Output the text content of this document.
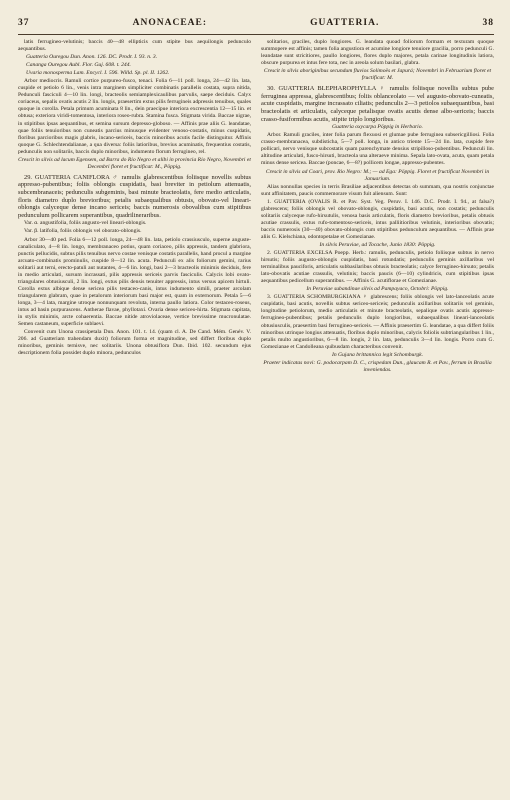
37	ANONACEAE:	GUATTERIA.	38

latis ferrugineo-velutinis; baccis 40—48 ellipticis cum stipite bus aequilongis pedunculo aequantibus.

Guatteria Ouregou Dun. Anon. 126. DC. Prodr. I. 93. n. 3.

Cananga Ouregou Aubl. Flor. Guj. 608. t. 244.

Uvaria monosperma Lam. Encycl. I. 596. Willd. Sp. pl. II. 1262.

Arbor mediocris. Ramuli cortice purpureo-fusco, tenaci. Folia 6—11 poll. longa, 24—42 lin. lata, cuspide et petiolo 6 lin., venis intra marginem simpliciter combinatis parallelis costata, supra nitida, Pedunculi fasciculi 4—10 lin. longi, bracteolis semiamplexicaulibus parvulis, saepe deciduis. Calyx coriaceus, sepalis ovatis acutis 2 lin. longis, praesertim extus pilis ferrugineis adpressis tenuibus, quales quoque in corolla. Petala primum acuminata 8 lin., dein praecipue interiora excrescentia 12—15 lin. et obtusa; exteriora viridi-tomentosa, interiora roseo-rubra. Stamina fusca. Stigmata virida. Baccae nigrae, in stipitibus ipsas aequantibus, et semina sursum depresso-globoso. — Affinis prae aliis G. leandatae, quae foliis tenuioribus non cuneatis parcius minusque evidenter venoso-costatis, minus cuspidatis, floribus parcioribus magis glabris, incano-sericeis, baccis minoribus acutis facile distinguitur. Affinis quoque G. Schlechtendalianae, a qua diversa: foliis latioribus, brevius acuminatis, frequentius costatis, pedunculis non solitariis, baccis duplo minoribus, indumento florum ferrugineo, rel.

Crescit in silvis ad lacum Egensem, ad Barra do Rio Negro et alibi in provincia Rio Negro, Novembri et Decembri floret et fructificat: M., Pöppig.

29. GUATTERIA CANIFLORA ♂ ramulis glabrescentibus foliisque novellis subtus appresso-pubentibus; foliis oblongis cuspidatis, basi breviter in petiolum attenuatis, subcembranaceis; pedunculis subgeminis, basi minute bracteolatis, fere medio articulatis, floris diametro duplo brevioribus; petalis subaequalibus obtusis, obovato-vel lineari-oblongis calyceque dense incano sericeis; baccis numerosis obovalibus cum stipitibus pedunculum pollicarem superantibus, quadrilineraribus.

Var. α. angustifolia, foliis angusto-vel lineari-oblongis.

Var. β. latifolia, foliis oblongis vel oborato-oblongis.

Arbor 30—40 ped. Folia 6—12 poll. longa, 24—48 lin. lata, petiolo crassiusculo, superne anguste-canaliculato, 4—8 lin. longo, membranaceo potius, quam coriaceo, pilis appressis, tandem glabriora, punctis pellucidis, subtus pilis tenuibus nervo costae venisque costatis parallelis, hand procul a margine arcuato-combinatis prominulis, cuspide 8—12 lin. acuta. Pedunculi ex alis foliorum gemini, rarius solitarii aut terni, erecto-patuli aut nutantes, 4—6 lin. longi, basi 2—3 bracteolis minimis deciduis, fere in medio articulati, sursum incrassati, pilis appressis sericeis parvis fasciculis. Calycis lobi ovato-triangulares obtusiusculi, 2 lin. longi, extus pilis densis tenuiter appressis, intus versus apicem hirtuli. Corolla extus albique dense sericea pilis testaceo-canis, intus indumento simili, praeter arcolam triangularem glabram, quae in petalorum interiorum basi major est, quam in externorum. Petala 5—6 longa, 3—4 lata, margine utroque nonnunquam revoluta, interna paullo latiora. Color testaceo-roseus, intus ad basin purpurascens. Antherae flavae, phyllotaxi. Ovaria dense sericeo-hirta. Stigmata capitata, in stylis minimis, arcte cohaerentia. Baccae nitide atroviolaceae, vertice brevissime mucronulatae. Semen castaneum, superficie sublaevi.

Convenit cum Unona crassipetala Dun. Anon. 101. t. 14. (quam cl. A. De Cand. Mém. Genév. V. 206. ad Guatteriam trahendam duxit) foliorum forma et magnitudine, sed differt floribus duplo minoribus, geminis ternisve, nec solitariis. Unona obtusiflora Dun. Ibid. 102. secundum ejus descriptionem folia possidet duplo minora, pedunculos

solitarios, graciles, duplo longiores. G. leandata quoad foliorum formam et texturam quoque summopere est affinis; tamen folia angustiora et acumine longiore tenuiore gracilia, porro pedunculi G. leandatae sunt stricitiores, paullo longiores, flores duplo majores, petala carinae longitudinis latiora, obscure purpurea et intus fere tota, nec in areola solum basilari, glabra.

Crescit in silvis aboriginibus secundum fluvios Solimoës et Japurá; Novembri in Februarium floret et fructificat: M.

30. GUATTERIA BLEPHAROPHYLLA ♀ ramulis foliisque novellis subtus pube ferruginea appressa, glabrescentibus; foliis oblanceolato — vel augusto-obovato-cuneatis, acute cuspidatis, margine incrassato ciliatis; pedunculis 2—3 petiolos subaequantibus, basi bracteolatis et articulatis, calyceque petalisque ovatis acutis dense albo-sericeis; baccis crasso-fusiformibus acutis, stipite triplo longioribus.

Guatteria oxycarpa Pöppig in Herbario.

Arbor. Ramuli graciles, inter folia parum flexuosi et glumae pube ferruginea subsericgilliosi. Folia crasso-membranacea, subdisticha, 5—7 poll. longa, in antico triente 15—24 lin. lata, cuspide fere pollicari, nervo venisque subcostatis quam parenchymate densius stripilloso-pubentibus. Pedunculi lin. altitudine articulati, fusco-hirsuti, bracteola una alteraeve minima. Sepala lato-ovata, acuta, quam petala minus dense sericea. Baccae (poncae, 6—8?) pollicem longae, appresso-pubentes.

Crescit in silvis ad Coari, prov. Rio Negro: M.; — ad Ega: Pöppig. Floret et fructificat Novembri in Januarium.

Alias nonnullas species in terris Brasiliae adjacentibus detectas ob summam, qua nostris conjunctae sunt affinitatem, paucis commemorare visum fuit aliensum. Sunt:

1. GUATTERIA (OVALIS R. et Pav. Syst. Veg. Peruv. I. 146. D.C. Prodr. I. 94., at falsa?) glabrescens; foliis oblongis vel obovato-oblongis, cuspidatis, basi acutis, non costatis; pedunculis solitariis calyceque rufo-hirsutulis, venosa basis articulatis, floris diametro brevioribus, petalis obtusis acutiae crassulis, extus rufo-tomentoso-sericeis, intus palliitioribus velutinis, interioribus obovatis; baccis numerosis (30—40) obovato-oblongis cum stipitibus pedunculum aequantibus. — Affinis prae aliis G. Kielschiana, odontopetalae et Gomezianae.

In silvis Peruviae, ad Tocache, Junio 1830: Pöppig.

2. GUATTERIA EXCELSA Poepp. Herb.: ramulis, pedunculis, petiolo foliisque subtus in nervo hirsutis; foliis augusto-oblongis cuspidatis, basi rotundatis; pedunculis geminis axillaribus vel terminalibus pauciforis, articulatis subbasilaribus obtusis bracteolatis; calyce ferrugineo-hirsuto; petalis lato-obovatis acutiae crassulis, velutinis; baccis paucis (6—10) cylindricis, cum stipitibus ipsas aequantibus pedicellum superantibus. — Affinis G. acutiflorae et Gomezianae.

In Peruviae subandinae silvis ad Pampayaco, Octobri: Pöppig.

3. GUATTERIA SCHOMBURGKIANA ♀ glabrescens; foliis oblongis vel lato-lanceolatis acute cuspidatis, basi acutis, novellis subtus sericeo-sericeis; pedunculis axillaribus solitariis vel geminis, longitudine petiolorum, medio articulatis et minute bracteolatis, sepalique ovatis acutis appresso-ferrugineo-pubentibus; petalis pedunculis duplo longioribus, subaequalibus lineari-lanceolatis obtusiusculis, praesertim basi ferrugineo-sericeis. — Affinis praesertim G. leandatae, a qua differt foliis minoribus utrinque longius attenuatis, floribus duplo minoribus, calycis foliolis subtriangularibus 1 lin., petalis multo angustioribus, 6—8 lin. longis, 2 lin. lata, pedunculis 3—4 lin. longis. Porro cum G. Gomezianae et Candolleana quibusdam characteribus convenit.

In Gujana brittannica legit Schomburgk.

Praeter indicatas novi: G. podocarpam D. C., crispedam Dun., glaucam R. et Pav., ferrum in Brasilia inveniendas.
